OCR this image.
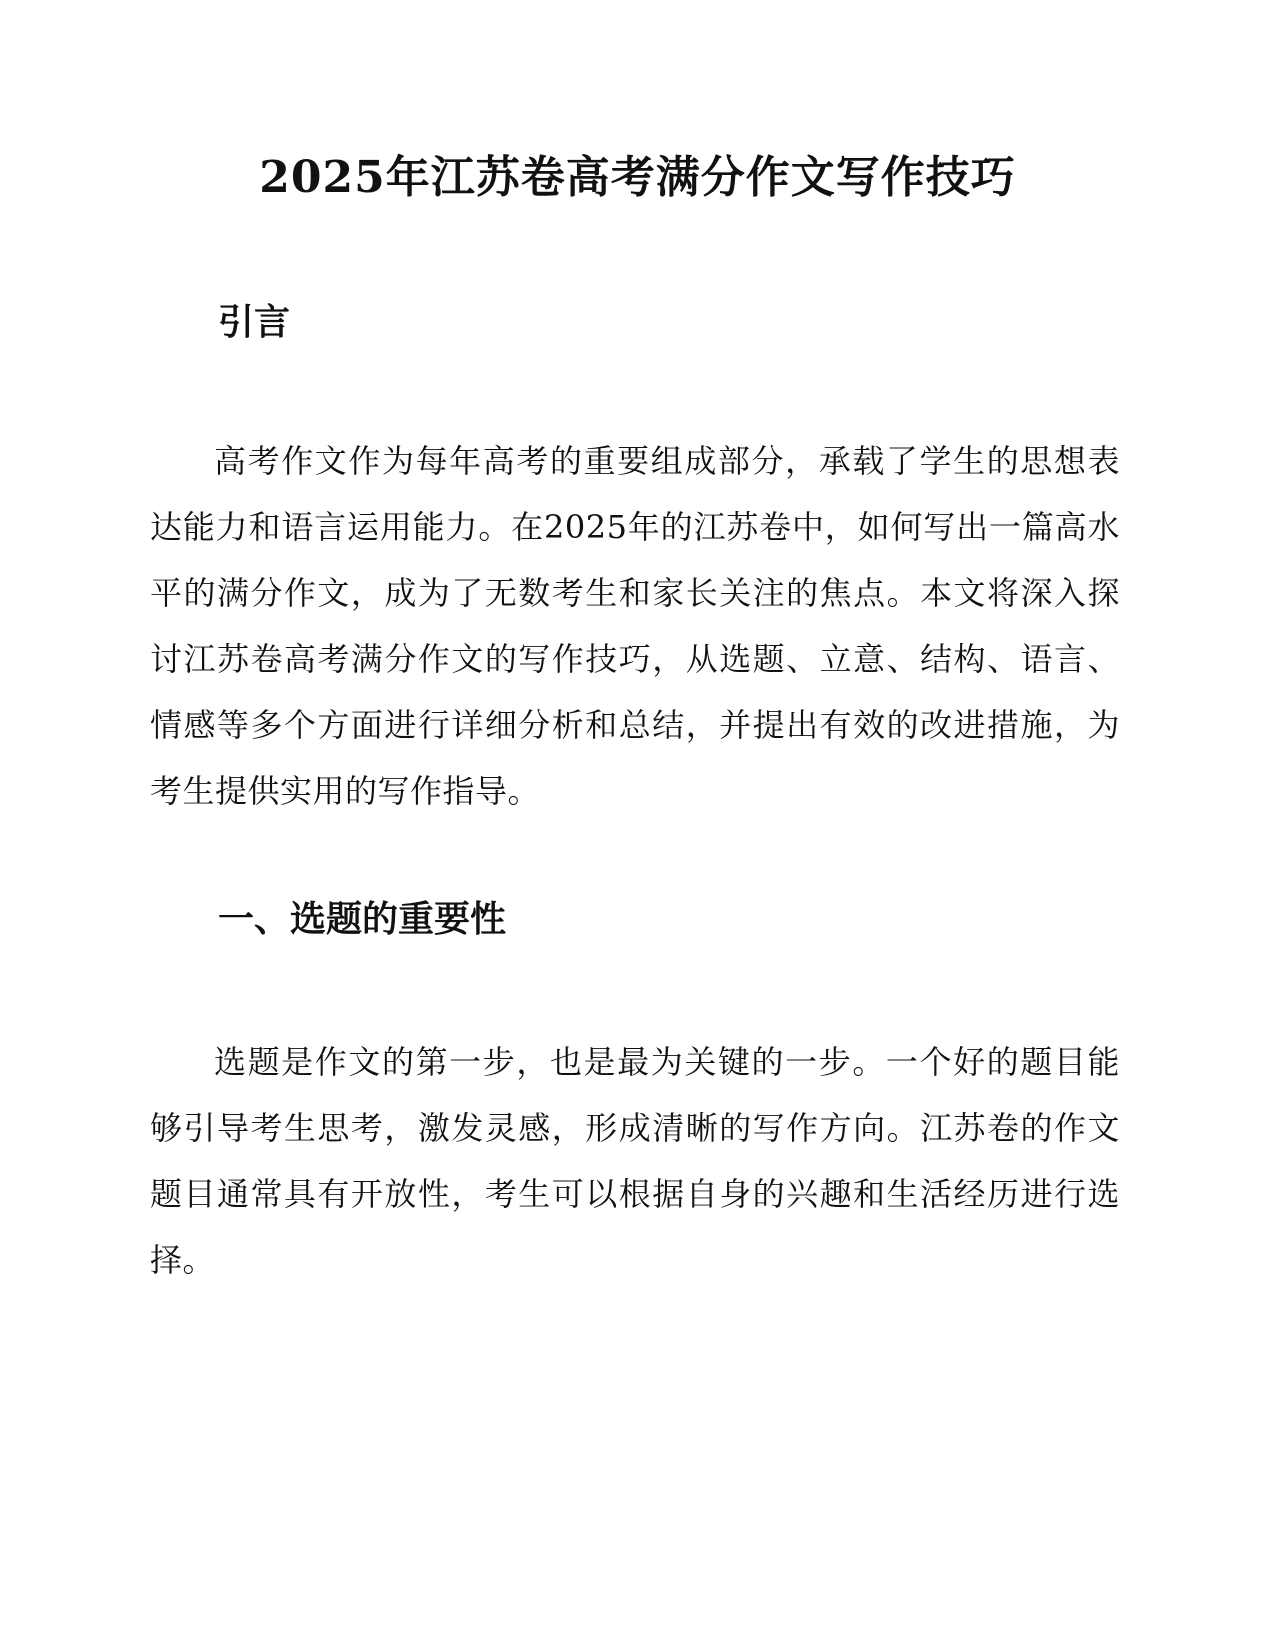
2025年江苏卷高考满分作文写作技巧
引言

高考作文作为每年高考的重要组成部分，承载了学生的思想表达能力和语言运用能力。在2025年的江苏卷中，如何写出一篇高水平的满分作文，成为了无数考生和家长关注的焦点。本文将深入探讨江苏卷高考满分作文的写作技巧，从选题、立意、结构、语言、情感等多个方面进行详细分析和总结，并提出有效的改进措施，为考生提供实用的写作指导。

一、选题的重要性

选题是作文的第一步，也是最为关键的一步。一个好的题目能够引导考生思考，激发灵感，形成清晰的写作方向。江苏卷的作文题目通常具有开放性，考生可以根据自身的兴趣和生活经历进行选择。
